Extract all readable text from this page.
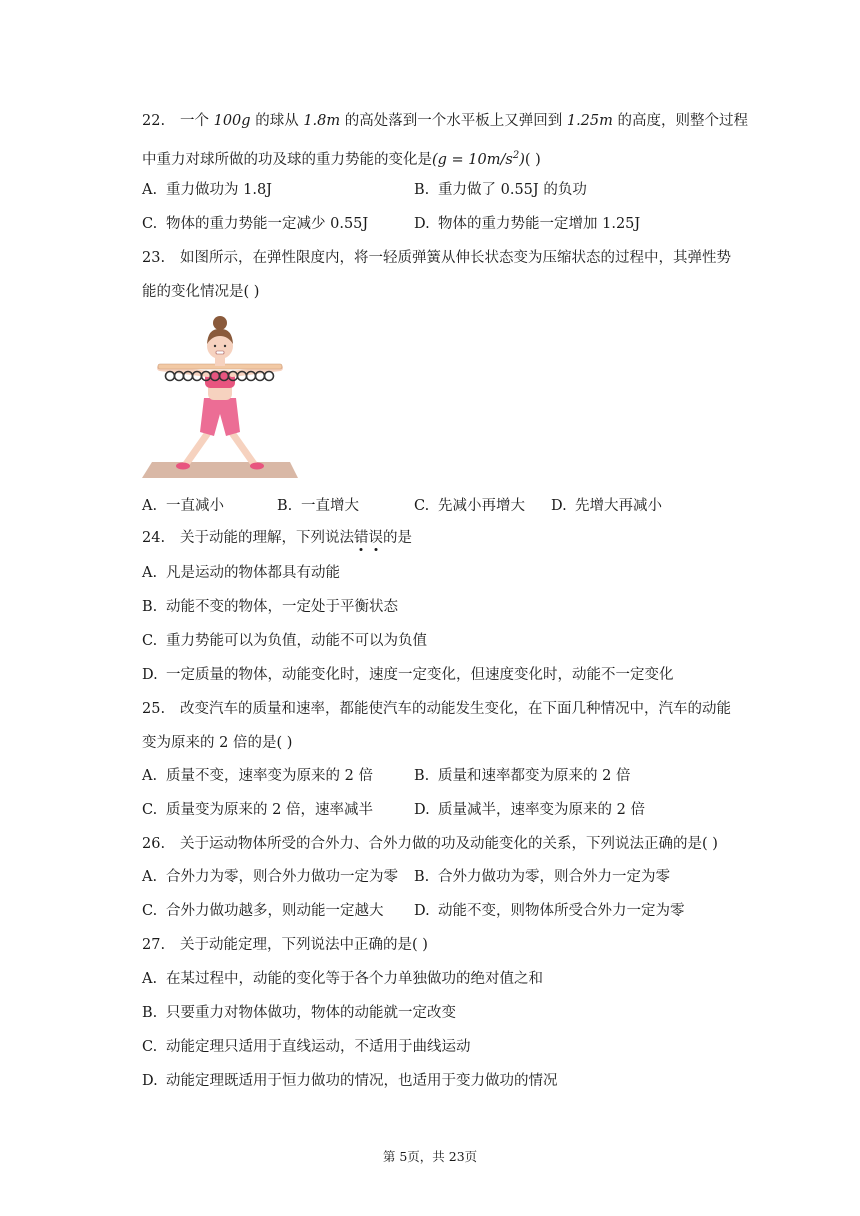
22. 一个 100g 的球从 1.8m 的高处落到一个水平板上又弹回到 1.25m 的高度，则整个过程
中重力对球所做的功及球的重力势能的变化是$(g = 10m/s^2)$( )
A. 重力做功为 1.8J	B. 重力做了 0.55J 的负功
C. 物体的重力势能一定减少 0.55J	D. 物体的重力势能一定增加 1.25J
23. 如图所示，在弹性限度内，将一轻质弹簧从伸长状态变为压缩状态的过程中，其弹性势
能的变化情况是( )
A. 一直减小	B. 一直增大	C. 先减小再增大 D. 先增大再减小
24. 关于动能的理解，下列说法错误的是
A. 凡是运动的物体都具有动能
B. 动能不变的物体，一定处于平衡状态
C. 重力势能可以为负值，动能不可以为负值
D. 一定质量的物体，动能变化时，速度一定变化，但速度变化时，动能不一定变化
25. 改变汽车的质量和速率，都能使汽车的动能发生变化，在下面几种情况中，汽车的动能
变为原来的 2 倍的是( )
A. 质量不变，速率变为原来的 2 倍	B. 质量和速率都变为原来的 2 倍
C. 质量变为原来的 2 倍，速率减半	D. 质量减半，速率变为原来的 2 倍
26. 关于运动物体所受的合外力、合外力做的功及动能变化的关系，下列说法正确的是( )
A. 合外力为零，则合外力做功一定为零 B. 合外力做功为零，则合外力一定为零
C. 合外力做功越多，则动能一定越大 D. 动能不变，则物体所受合外力一定为零
27. 关于动能定理，下列说法中正确的是( )
A. 在某过程中，动能的变化等于各个力单独做功的绝对值之和
B. 只要重力对物体做功，物体的动能就一定改变
C. 动能定理只适用于直线运动，不适用于曲线运动
D. 动能定理既适用于恒力做功的情况，也适用于变力做功的情况
第 5页，共 23页
